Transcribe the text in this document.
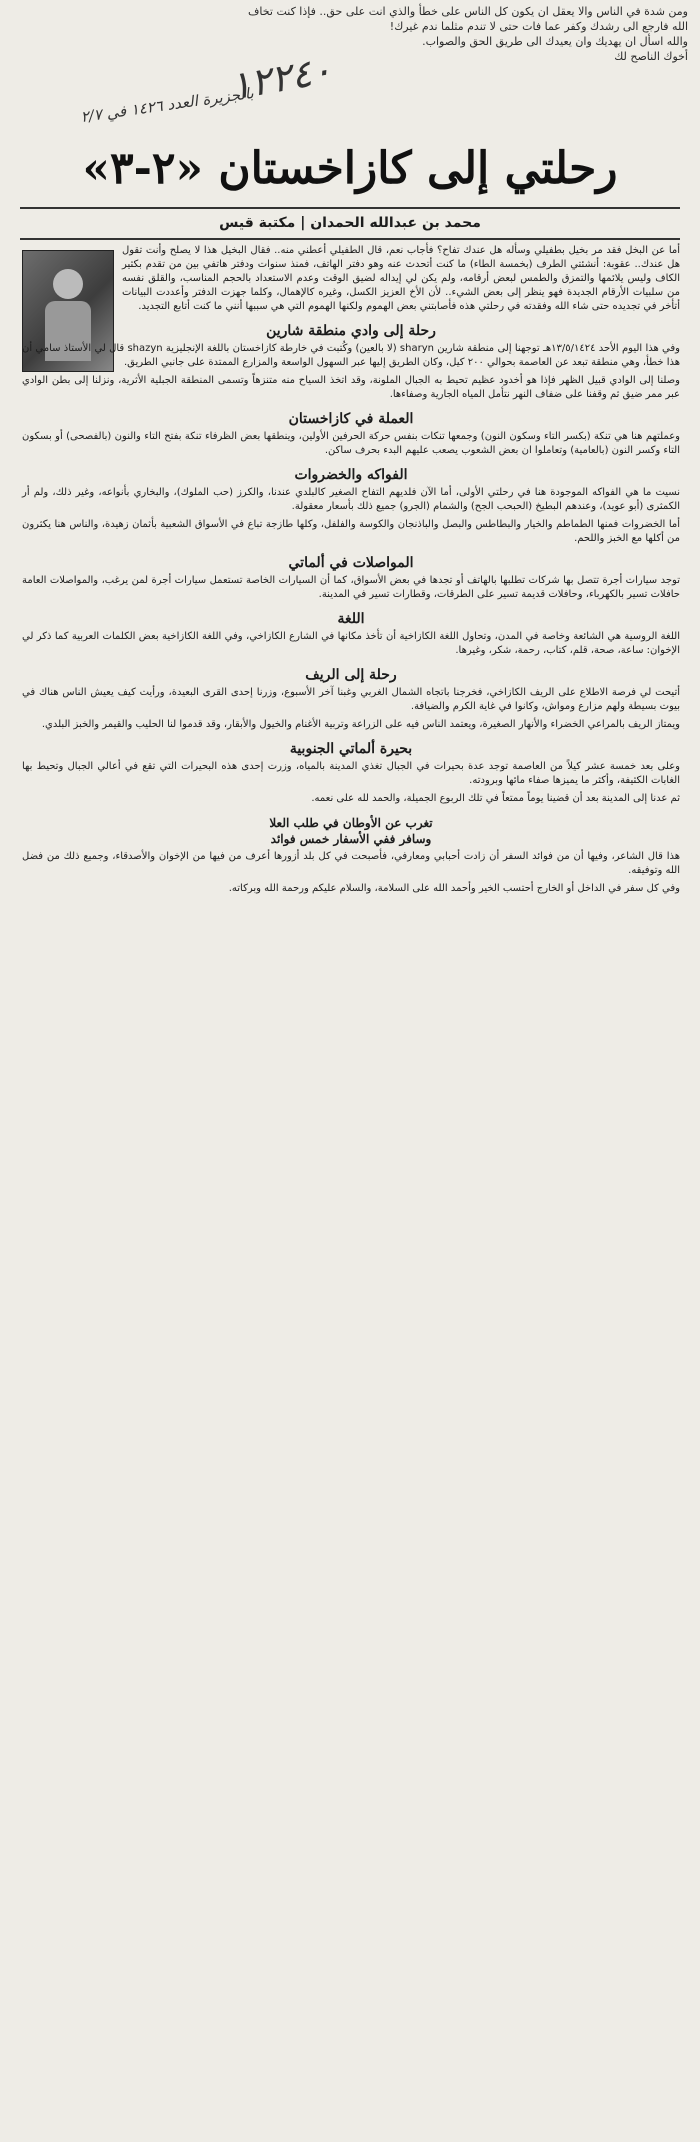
ومن شدة في الناس والا يعقل ان يكون كل الناس على خطأ والذي انت على حق.. فإذا كنت تخاف

الله فارجع الى رشدك وكفر عما فات حتى لا تندم مثلما ندم غيرك!

والله اسأل ان يهديك وان يعيدك الى طريق الحق والصواب.

أخوك الناصح لك

١٢٢٤٠
بالجزيرة العدد ١٤٢٦ في ٢/٧
رحلتي إلى كازاخستان «٢-٣»
محمد بن عبدالله الحمدان | مكتبة قيس

أما عن البخل فقد مر بخيل بطفيلي وسأله هل عندك تفاح؟ فأجاب نعم، قال الطفيلي أعطني منه.. فقال البخيل هذا لا يصلح وأنت تقول هل عندك.. عقوبة: أنشئتي الطرف (بخمسة الطاء) ما كنت أتحدث عنه وهو دفتر الهاتف، فمنذ سنوات ودفتر هاتفي بين من تقدم بكثير الكاف وليس يلائمها والتمزق والطمس لبعض أرقامه، ولم يكن لي إيداله لضيق الوقت وعدم الاستعداد بالحجم المناسب، والقلق نفسه من سلبيات الأرقام الجديدة فهو ينظر إلى بعض الشيء.. لأن الأخ العزيز الكسل، وغيره كالإهمال، وكلما جهزت الدفتر وأعددت البيانات أتأخر في تجديده حتى شاء الله وفقدته في رحلتي هذه فأصابتني بعض الهموم ولكنها الهموم التي هي سببها أنني ما كنت أتابع التجديد.

رحلة إلى وادي منطقة شارين

وفي هذا اليوم الأحد ١٣/٥/١٤٢٤هـ توجهنا إلى منطقة شارين sharyn (لا بالعين) وكُتبت في خارطة كازاخستان باللغة الإنجليزية shazyn قال لي الأستاذ سامي أن هذا خطأ، وهي منطقة تبعد عن العاصمة بحوالي ٢٠٠ كيل، وكان الطريق إليها عبر السهول الواسعة والمزارع الممتدة على جانبي الطريق.

وصلنا إلى الوادي قبيل الظهر فإذا هو أخدود عظيم تحيط به الجبال الملونة، وقد اتخذ السياح منه متنزهاً وتسمى المنطقة الجبلية الأثرية، ونزلنا إلى بطن الوادي عبر ممر ضيق ثم وقفنا على ضفاف النهر نتأمل المياه الجارية وصفاءها.

العملة في كازاخستان

وعملتهم هنا هي تنكة (بكسر التاء وسكون النون) وجمعها تنكات بنفس حركة الحرفين الأولين، وينطقها بعض الظرفاء تنكة بفتح التاء والنون (بالفصحى) أو بسكون التاء وكسر النون (بالعامية) وتعاملوا ان بعض الشعوب يصعب عليهم البدء بحرف ساكن.

الفواكه والخضروات

نسيت ما هي الفواكه الموجودة هنا في رحلتي الأولى، أما الآن فلديهم التفاح الصغير كالبلدي عندنا، والكرز (حب الملوك)، والبخاري بأنواعه، وغير ذلك، ولم أر الكمثرى (أبو عويد)، وعندهم البطيخ (الحبحب الجح) والشمام (الجرو) جميع ذلك بأسعار معقولة.

أما الخضروات فمنها الطماطم والخيار والبطاطس والبصل والباذنجان والكوسة والفلفل، وكلها طازجة تباع في الأسواق الشعبية بأثمان زهيدة، والناس هنا يكثرون من أكلها مع الخبز واللحم.

المواصلات في ألماتي

توجد سيارات أجرة تتصل بها شركات تطلبها بالهاتف أو تجدها في بعض الأسواق، كما أن السيارات الخاصة تستعمل سيارات أجرة لمن يرغب، والمواصلات العامة حافلات تسير بالكهرباء، وحافلات قديمة تسير على الطرقات، وقطارات تسير في المدينة.

اللغة

اللغة الروسية هي الشائعة وخاصة في المدن، وتحاول اللغة الكازاخية أن تأخذ مكانها في الشارع الكازاخي، وفي اللغة الكازاخية بعض الكلمات العربية كما ذكر لي الإخوان: ساعة، صحة، قلم، كتاب، رحمة، شكر، وغيرها.

رحلة إلى الريف

أتيحت لي فرصة الاطلاع على الريف الكازاخي، فخرجنا باتجاه الشمال الغربي وغبنا آخر الأسبوع، وزرنا إحدى القرى البعيدة، ورأيت كيف يعيش الناس هناك في بيوت بسيطة ولهم مزارع ومواش، وكانوا في غاية الكرم والضيافة.

ويمتاز الريف بالمراعي الخضراء والأنهار الصغيرة، ويعتمد الناس فيه على الزراعة وتربية الأغنام والخيول والأبقار، وقد قدموا لنا الحليب والقيمر والخبز البلدي.

بحيرة ألماتي الجنوبية

وعلى بعد خمسة عشر كيلاً من العاصمة توجد عدة بحيرات في الجبال تغذي المدينة بالمياه، وزرت إحدى هذه البحيرات التي تقع في أعالي الجبال وتحيط بها الغابات الكثيفة، وأكثر ما يميزها صفاء مائها وبرودته.

ثم عدنا إلى المدينة بعد أن قضينا يوماً ممتعاً في تلك الربوع الجميلة، والحمد لله على نعمه.

تغرب عن الأوطان في طلب العلا
وسافر ففي الأسفار خمس فوائد

هذا قال الشاعر، وفيها أن من فوائد السفر أن زادت أحبابي ومعارفي، فأصبحت في كل بلد أزورها أعرف من فيها من الإخوان والأصدقاء، وجميع ذلك من فضل الله وتوفيقه.

وفي كل سفر في الداخل أو الخارج أحتسب الخير وأحمد الله على السلامة، والسلام عليكم ورحمة الله وبركاته.
